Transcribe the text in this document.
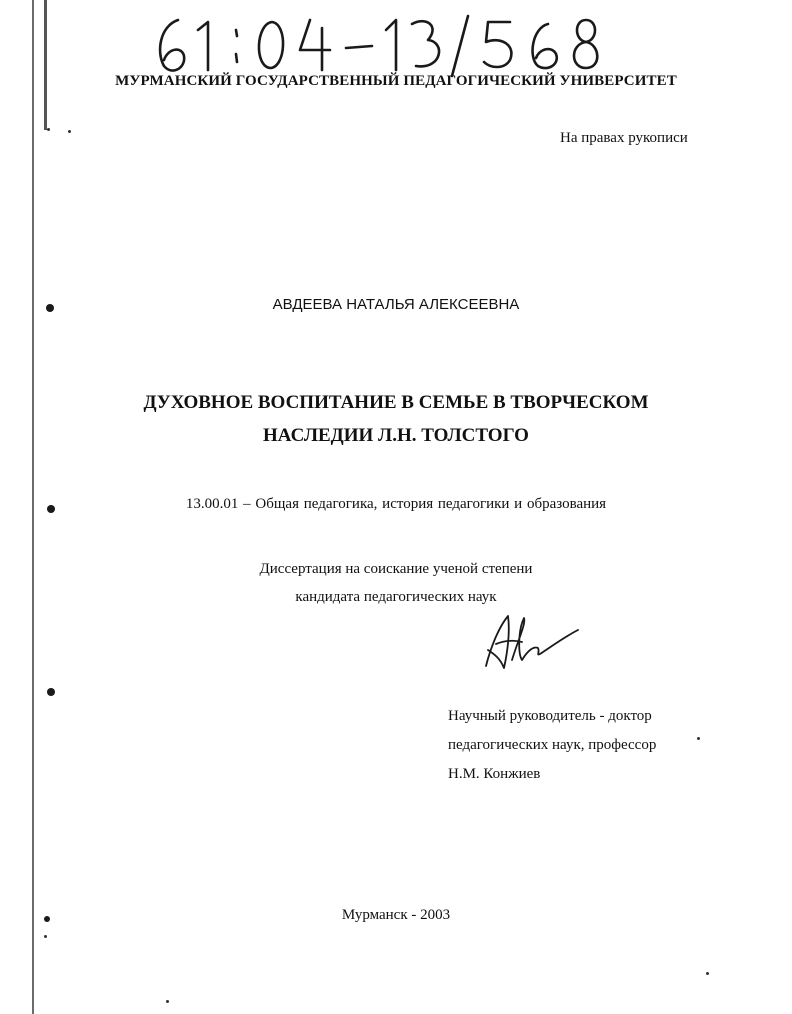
МУРМАНСКИЙ ГОСУДАРСТВЕННЫЙ ПЕДАГОГИЧЕСКИЙ УНИВЕРСИТЕТ
На правах рукописи
АВДЕЕВА НАТАЛЬЯ АЛЕКСЕЕВНА
ДУХОВНОЕ ВОСПИТАНИЕ В СЕМЬЕ В ТВОРЧЕСКОМ
НАСЛЕДИИ Л.Н. ТОЛСТОГО
13.00.01 – Общая педагогика, история педагогики и образования
Диссертация на соискание ученой степени
кандидата педагогических наук
Научный руководитель - доктор
педагогических наук, профессор
Н.М. Конжиев
Мурманск - 2003
